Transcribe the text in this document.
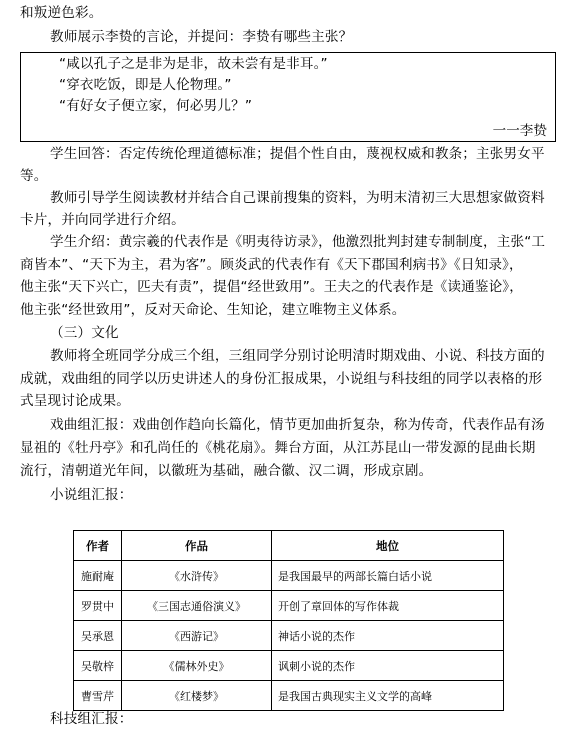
和叛逆色彩。
教师展示李贽的言论，并提问：李贽有哪些主张？
“咸以孔子之是非为是非，故未尝有是非耳。”
“穿衣吃饭，即是人伦物理。”
“有好女子便立家，何必男儿？”
一一李贽
学生回答：否定传统伦理道德标准；提倡个性自由，蔑视权威和教条；主张男女平
等。
教师引导学生阅读教材并结合自己课前搜集的资料，为明末清初三大思想家做资料
卡片，并向同学进行介绍。
学生介绍：黄宗羲的代表作是《明夷待访录》，他激烈批判封建专制制度，主张“工
商皆本”、“天下为主，君为客”。顾炎武的代表作有《天下郡国利病书》《日知录》，
他主张“天下兴亡，匹夫有责”，提倡“经世致用”。王夫之的代表作是《读通鉴论》，
他主张“经世致用”，反对天命论、生知论，建立唯物主义体系。
（三）文化
教师将全班同学分成三个组，三组同学分别讨论明清时期戏曲、小说、科技方面的
成就，戏曲组的同学以历史讲述人的身份汇报成果，小说组与科技组的同学以表格的形
式呈现讨论成果。
戏曲组汇报：戏曲创作趋向长篇化，情节更加曲折复杂，称为传奇，代表作品有汤
显祖的《牡丹亭》和孔尚任的《桃花扇》。舞台方面，从江苏昆山一带发源的昆曲长期
流行，清朝道光年间，以徽班为基础，融合徽、汉二调，形成京剧。
小说组汇报：
作者	作品	地位
施耐庵	《水浒传》	是我国最早的两部长篇白话小说
罗贯中	《三国志通俗演义》	开创了章回体的写作体裁
吴承恩	《西游记》	神话小说的杰作
吴敬梓	《儒林外史》	讽刺小说的杰作
曹雪芹	《红楼梦》	是我国古典现实主义文学的高峰
科技组汇报：
